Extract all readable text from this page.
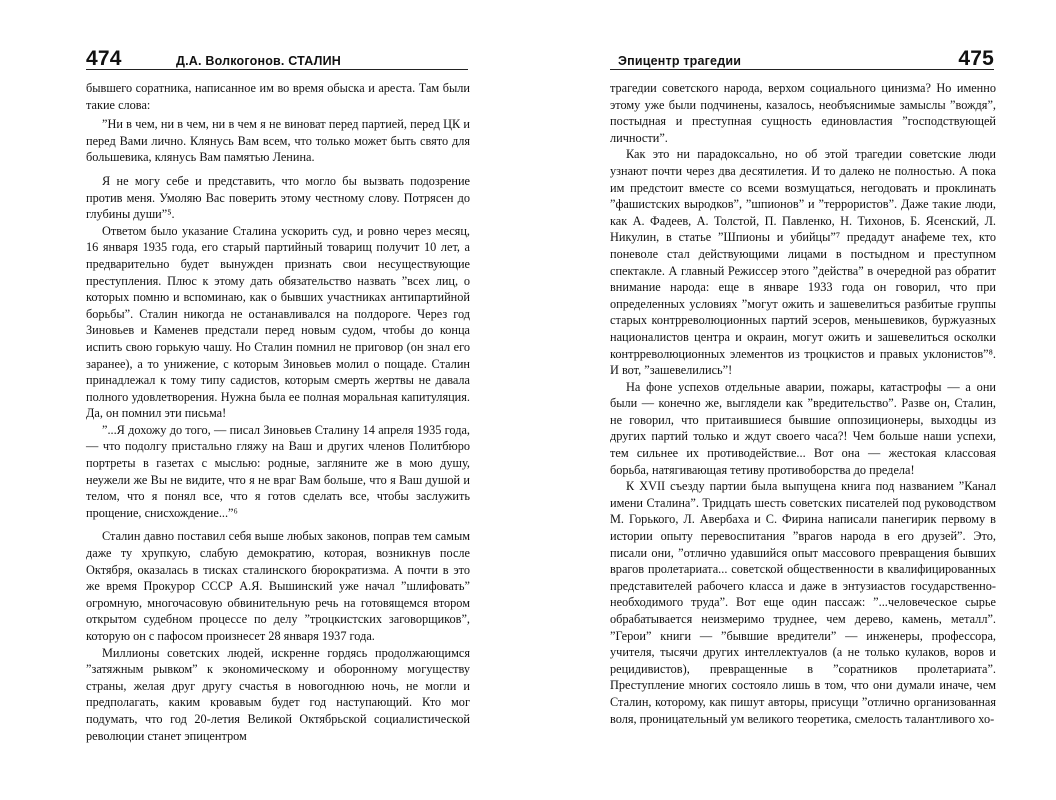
474	Д.А. Волкогонов. СТАЛИН

бывшего соратника, написанное им во время обыска и ареста. Там были такие слова:

”Ни в чем, ни в чем, ни в чем я не виноват перед партией, перед ЦК и перед Вами лично. Клянусь Вам всем, что только может быть свято для большевика, клянусь Вам памятью Ленина.

Я не могу себе и представить, что могло бы вызвать подозрение против меня. Умоляю Вас поверить этому честному слову. Потрясен до глубины души”⁵.

Ответом было указание Сталина ускорить суд, и ровно через месяц, 16 января 1935 года, его старый партийный товарищ получит 10 лет, а предварительно будет вынужден признать свои несуществующие преступления. Плюс к этому дать обязательство назвать ”всех лиц, о которых помню и вспоминаю, как о бывших участниках антипартийной борьбы”. Сталин никогда не останавливался на полдороге. Через год Зиновьев и Каменев предстали перед новым судом, чтобы до конца испить свою горькую чашу. Но Сталин помнил не приговор (он знал его заранее), а то унижение, с которым Зиновьев молил о пощаде. Сталин принадлежал к тому типу садистов, которым смерть жертвы не давала полного удовлетворения. Нужна была ее полная моральная капитуляция. Да, он помнил эти письма!

”...Я дохожу до того, — писал Зиновьев Сталину 14 апреля 1935 года, — что подолгу пристально гляжу на Ваш и других членов Политбюро портреты в газетах с мыслью: родные, загляните же в мою душу, неужели же Вы не видите, что я не враг Вам больше, что я Ваш душой и телом, что я понял все, что я готов сделать все, чтобы заслужить прощение, снисхождение...”⁶

Сталин давно поставил себя выше любых законов, поправ тем самым даже ту хрупкую, слабую демократию, которая, возникнув после Октября, оказалась в тисках сталинского бюрократизма. А почти в это же время Прокурор СССР А.Я. Вышинский уже начал ”шлифовать” огромную, многочасовую обвинительную речь на готовящемся втором открытом судебном процессе по делу ”троцкистских заговорщиков”, которую он с пафосом произнесет 28 января 1937 года.

Миллионы советских людей, искренне гордясь продолжающимся ”затяжным рывком” к экономическому и оборонному могуществу страны, желая друг другу счастья в новогоднюю ночь, не могли и предполагать, каким кровавым будет год наступающий. Кто мог подумать, что год 20-летия Великой Октябрьской социалистической революции станет эпицентром

Эпицентр трагедии	475

трагедии советского народа, верхом социального цинизма? Но именно этому уже были подчинены, казалось, необъяснимые замыслы ”вождя”, постыдная и преступная сущность единовластия ”господствующей личности”.

Как это ни парадоксально, но об этой трагедии советские люди узнают почти через два десятилетия. И то далеко не полностью. А пока им предстоит вместе со всеми возмущаться, негодовать и проклинать ”фашистских выродков”, ”шпионов” и ”террористов”. Даже такие люди, как А. Фадеев, А. Толстой, П. Павленко, Н. Тихонов, Б. Ясенский, Л. Никулин, в статье ”Шпионы и убийцы”⁷ предадут анафеме тех, кто поневоле стал действующими лицами в постыдном и преступном спектакле. А главный Режиссер этого ”действа” в очередной раз обратит внимание народа: еще в январе 1933 года он говорил, что при определенных условиях ”могут ожить и зашевелиться разбитые группы старых контрреволюционных партий эсеров, меньшевиков, буржуазных националистов центра и окраин, могут ожить и зашевелиться осколки контрреволюционных элементов из троцкистов и правых уклонистов”⁸. И вот, ”зашевелились”!

На фоне успехов отдельные аварии, пожары, катастрофы — а они были — конечно же, выглядели как ”вредительство”. Разве он, Сталин, не говорил, что притаившиеся бывшие оппозиционеры, выходцы из других партий только и ждут своего часа?! Чем больше наши успехи, тем сильнее их противодействие... Вот она — жестокая классовая борьба, натягивающая тетиву противоборства до предела!

К XVII съезду партии была выпущена книга под названием ”Канал имени Сталина”. Тридцать шесть советских писателей под руководством М. Горького, Л. Авербаха и С. Фирина написали панегирик первому в истории опыту перевоспитания ”врагов народа в его друзей”. Это, писали они, ”отлично удавшийся опыт массового превращения бывших врагов пролетариата... советской общественности в квалифицированных представителей рабочего класса и даже в энтузиастов государственно-необходимого труда”. Вот еще один пассаж: ”...человеческое сырье обрабатывается неизмеримо труднее, чем дерево, камень, металл”. ”Герои” книги — ”бывшие вредители” — инженеры, профессора, учителя, тысячи других интеллектуалов (а не только кулаков, воров и рецидивистов), превращенные в ”соратников пролетариата”. Преступление многих состояло лишь в том, что они думали иначе, чем Сталин, которому, как пишут авторы, присущи ”отлично организованная воля, проницательный ум великого теоретика, смелость талантливого хо-
